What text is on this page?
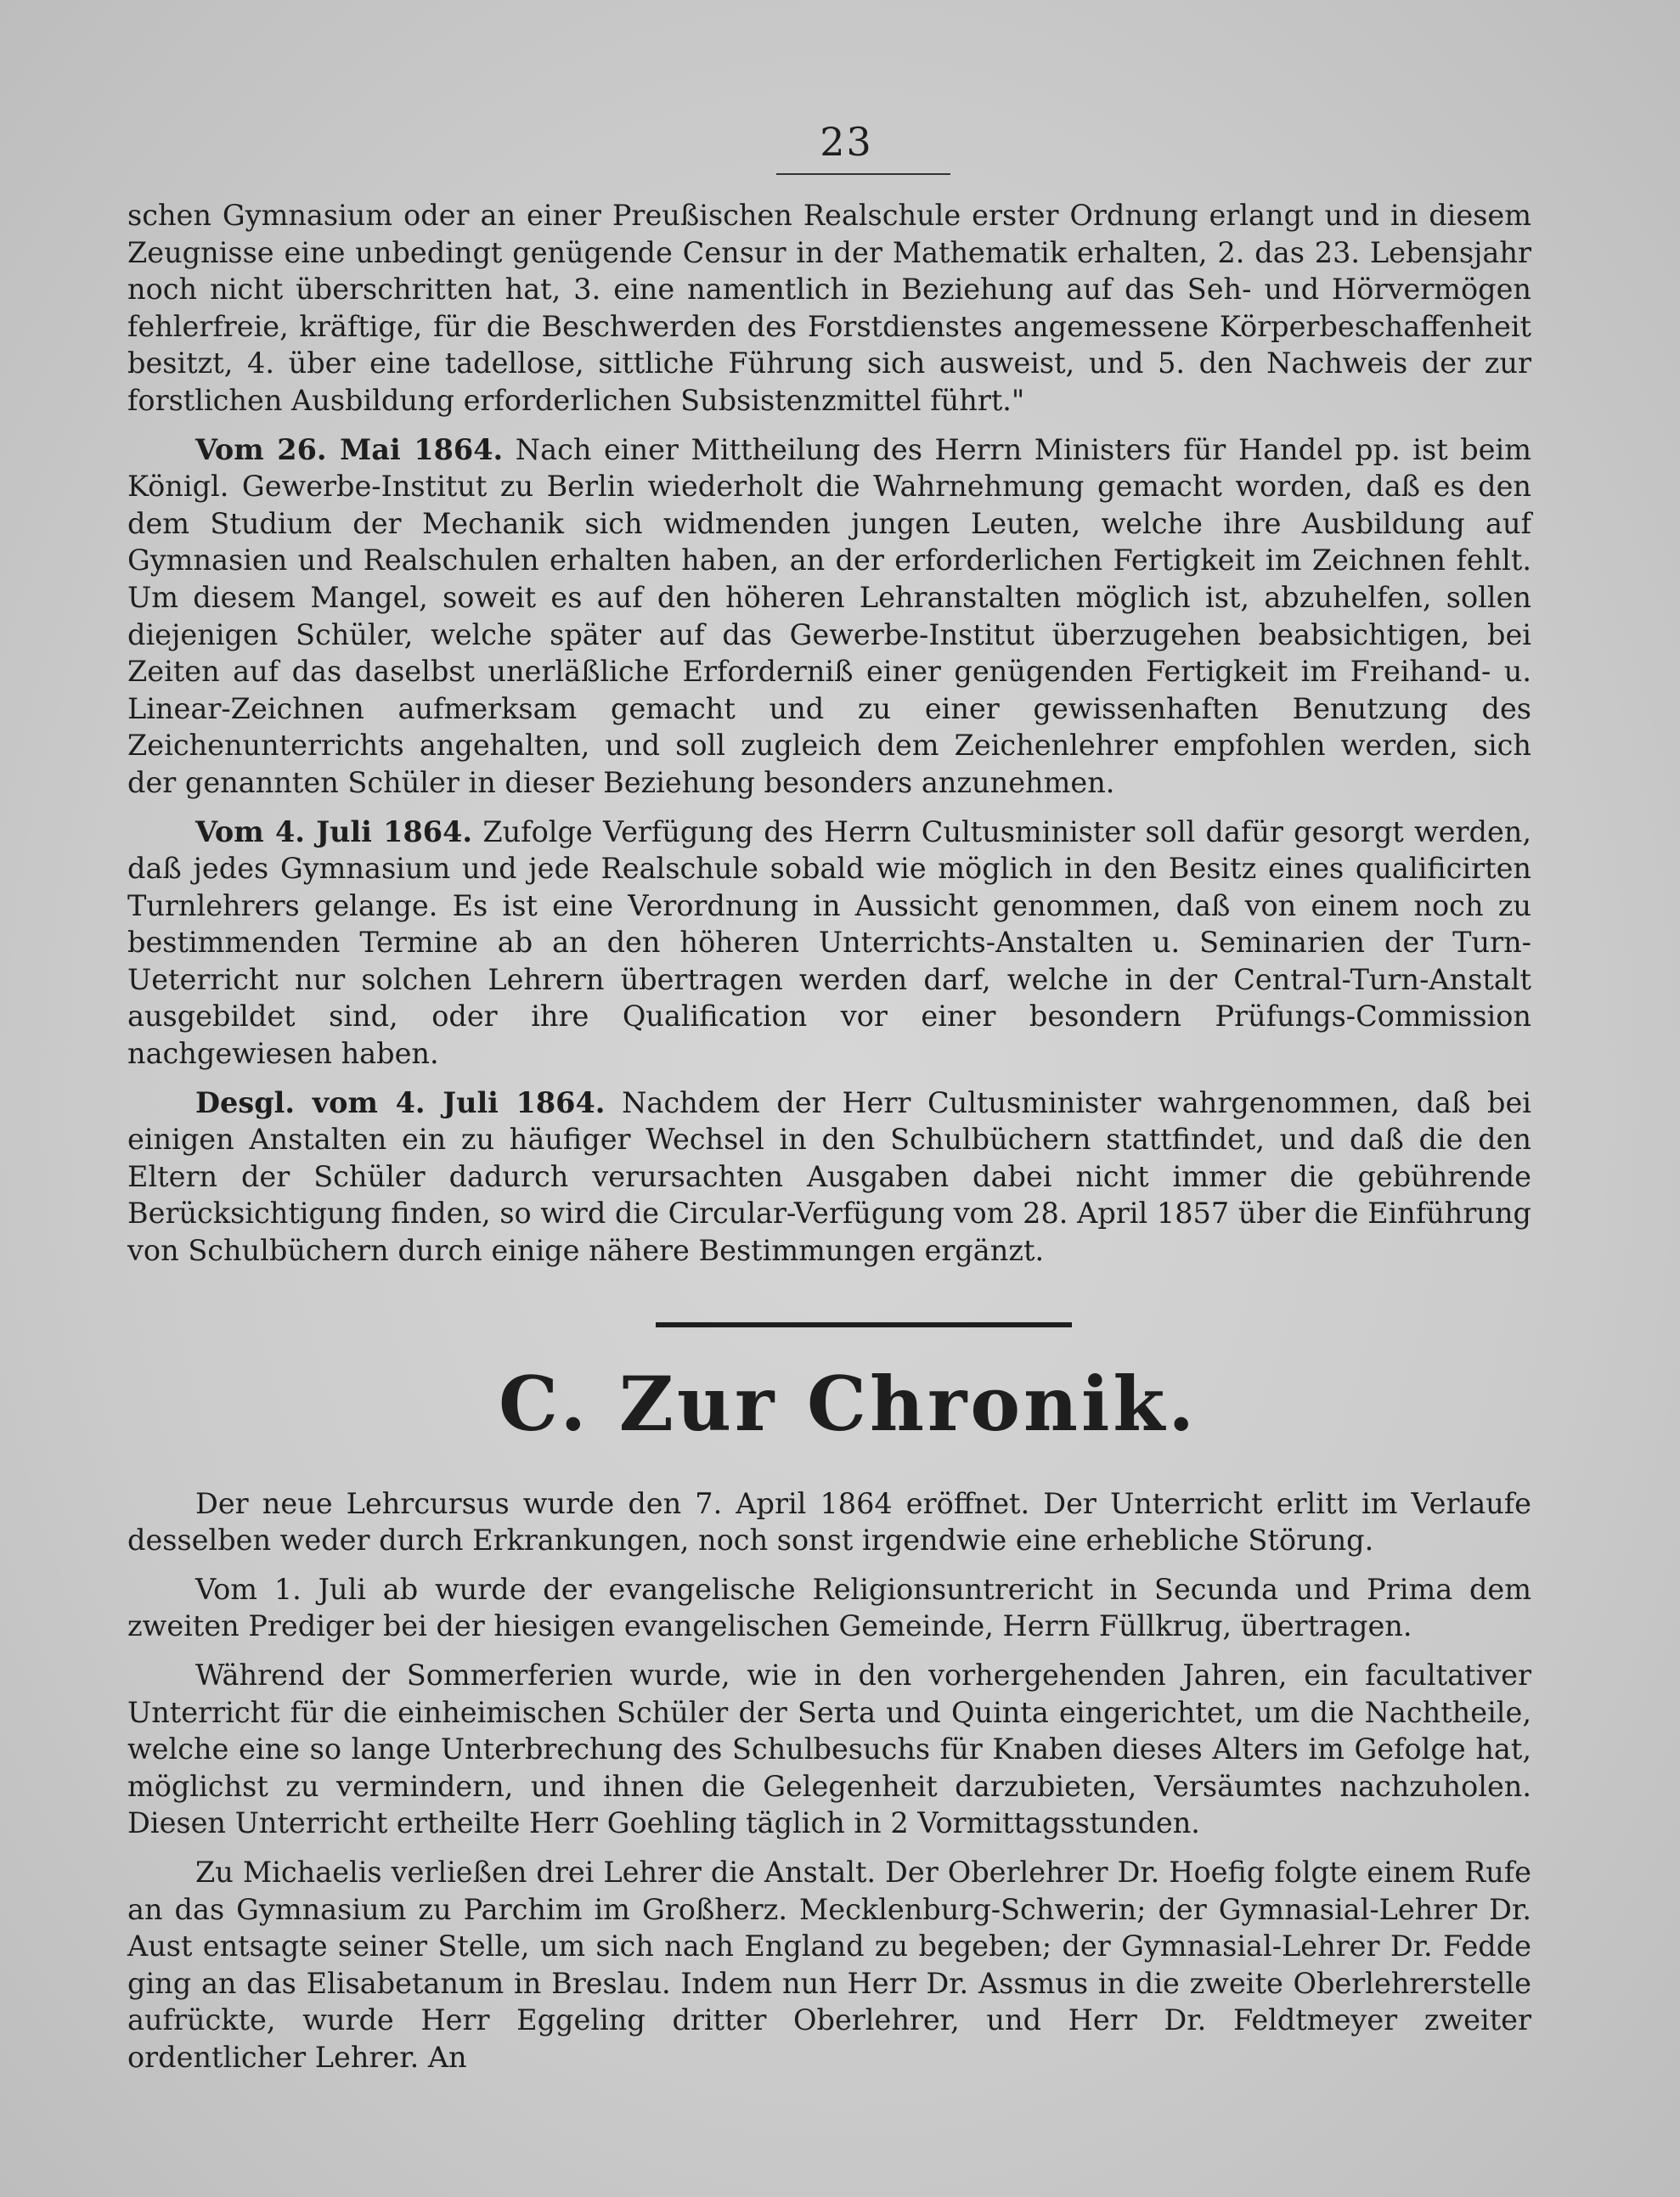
23

schen Gymnasium oder an einer Preußischen Realschule erster Ordnung erlangt und in diesem Zeugnisse eine unbedingt genügende Censur in der Mathematik erhalten, 2. das 23. Lebensjahr noch nicht überschritten hat, 3. eine namentlich in Beziehung auf das Seh- und Hörvermögen fehlerfreie, kräftige, für die Beschwerden des Forstdienstes angemessene Körperbeschaffenheit besitzt, 4. über eine tadellose, sittliche Führung sich ausweist, und 5. den Nachweis der zur forstlichen Ausbildung erforderlichen Subsistenzmittel führt."

Vom 26. Mai 1864. Nach einer Mittheilung des Herrn Ministers für Handel pp. ist beim Königl. Gewerbe-Institut zu Berlin wiederholt die Wahrnehmung gemacht worden, daß es den dem Studium der Mechanik sich widmenden jungen Leuten, welche ihre Ausbildung auf Gymnasien und Realschulen erhalten haben, an der erforderlichen Fertigkeit im Zeichnen fehlt. Um diesem Mangel, soweit es auf den höheren Lehranstalten möglich ist, abzuhelfen, sollen diejenigen Schüler, welche später auf das Gewerbe-Institut überzugehen beabsichtigen, bei Zeiten auf das daselbst unerläßliche Erforderniß einer genügenden Fertigkeit im Freihand- u. Linear-Zeichnen aufmerksam gemacht und zu einer gewissenhaften Benutzung des Zeichenunterrichts angehalten, und soll zugleich dem Zeichenlehrer empfohlen werden, sich der genannten Schüler in dieser Beziehung besonders anzunehmen.

Vom 4. Juli 1864. Zufolge Verfügung des Herrn Cultusminister soll dafür gesorgt werden, daß jedes Gymnasium und jede Realschule sobald wie möglich in den Besitz eines qualificirten Turnlehrers gelange. Es ist eine Verordnung in Aussicht genommen, daß von einem noch zu bestimmenden Termine ab an den höheren Unterrichts-Anstalten u. Seminarien der Turn-Ueterricht nur solchen Lehrern übertragen werden darf, welche in der Central-Turn-Anstalt ausgebildet sind, oder ihre Qualification vor einer besondern Prüfungs-Commission nachgewiesen haben.

Desgl. vom 4. Juli 1864. Nachdem der Herr Cultusminister wahrgenommen, daß bei einigen Anstalten ein zu häufiger Wechsel in den Schulbüchern stattfindet, und daß die den Eltern der Schüler dadurch verursachten Ausgaben dabei nicht immer die gebührende Berücksichtigung finden, so wird die Circular-Verfügung vom 28. April 1857 über die Einführung von Schulbüchern durch einige nähere Bestimmungen ergänzt.

C. Zur Chronik.

Der neue Lehrcursus wurde den 7. April 1864 eröffnet. Der Unterricht erlitt im Verlaufe desselben weder durch Erkrankungen, noch sonst irgendwie eine erhebliche Störung.

Vom 1. Juli ab wurde der evangelische Religionsuntrericht in Secunda und Prima dem zweiten Prediger bei der hiesigen evangelischen Gemeinde, Herrn Füllkrug, übertragen.

Während der Sommerferien wurde, wie in den vorhergehenden Jahren, ein facultativer Unterricht für die einheimischen Schüler der Serta und Quinta eingerichtet, um die Nachtheile, welche eine so lange Unterbrechung des Schulbesuchs für Knaben dieses Alters im Gefolge hat, möglichst zu vermindern, und ihnen die Gelegenheit darzubieten, Versäumtes nachzuholen. Diesen Unterricht ertheilte Herr Goehling täglich in 2 Vormittagsstunden.

Zu Michaelis verließen drei Lehrer die Anstalt. Der Oberlehrer Dr. Hoefig folgte einem Rufe an das Gymnasium zu Parchim im Großherz. Mecklenburg-Schwerin; der Gymnasial-Lehrer Dr. Aust entsagte seiner Stelle, um sich nach England zu begeben; der Gymnasial-Lehrer Dr. Fedde ging an das Elisabetanum in Breslau. Indem nun Herr Dr. Assmus in die zweite Oberlehrerstelle aufrückte, wurde Herr Eggeling dritter Oberlehrer, und Herr Dr. Feldtmeyer zweiter ordentlicher Lehrer. An
